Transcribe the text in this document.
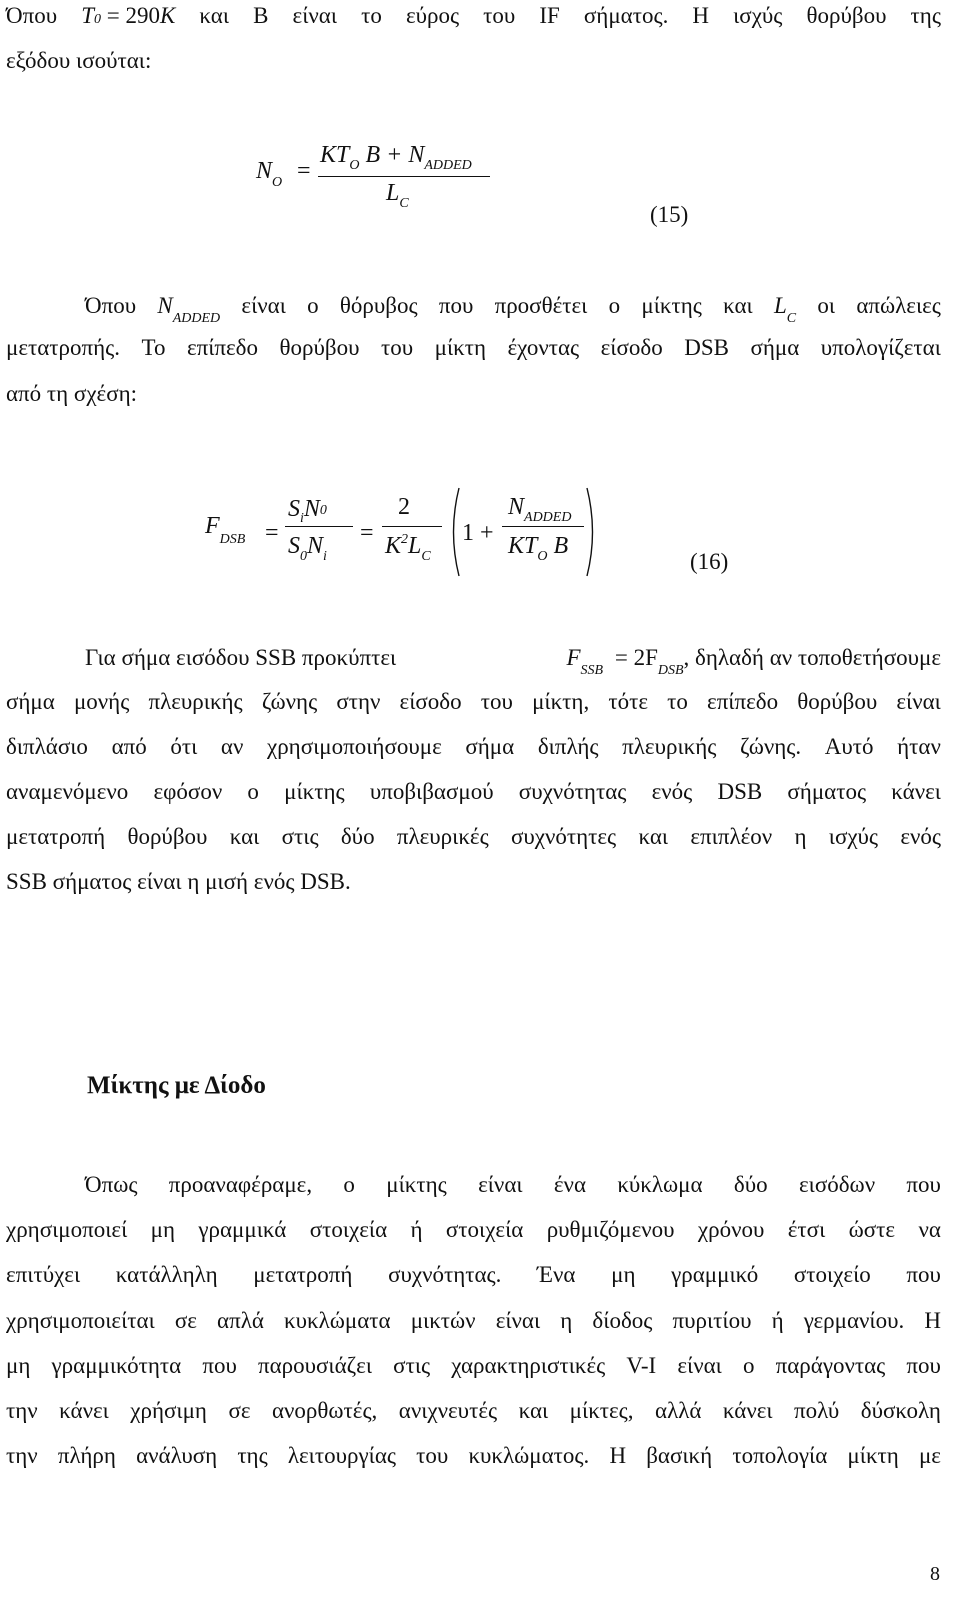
Όπου T0 = 290K και B είναι το εύρος του IF σήματος. Η ισχύς θορύβου της
εξόδου ισούται:
$N_O$ =
$KT_O$ $B + N_{ADDED}$
$L_C$	(15)
Όπου $N_{ADDED}$
είναι ο θόρυβος που προσθέτει ο μίκτης και $L_C$
οι απώλειες
μετατροπής. Το επίπεδο θορύβου του μίκτη έχοντας είσοδο DSB σήμα υπολογίζεται
από τη σχέση:
$F_{DSB}$ =
$S_iN0$
$S_0N_i$
=
2
$K^2L_C$
1 +
$N_{ADDED}$
$KT_O$ B
(16)
Για σήμα εισόδου SSB προκύπτει	$F_{SSB} = 2F_{DSB}$, δηλαδή αν τοποθετήσουμε
σήμα μονής πλευρικής ζώνης στην είσοδο του μίκτη, τότε το επίπεδο θορύβου είναι
διπλάσιο από ότι αν χρησιμοποιήσουμε σήμα διπλής πλευρικής ζώνης. Αυτό ήταν
αναμενόμενο εφόσον ο μίκτης υποβιβασμού συχνότητας ενός DSB σήματος κάνει
μετατροπή θορύβου και στις δύο πλευρικές συχνότητες και επιπλέον η ισχύς ενός
SSB σήματος είναι η μισή ενός DSB.
Μίκτης με Δίοδο
Όπως προαναφέραμε, ο μίκτης είναι ένα κύκλωμα δύο εισόδων που
χρησιμοποιεί μη γραμμικά στοιχεία ή στοιχεία ρυθμιζόμενου χρόνου έτσι ώστε να
επιτύχει κατάλληλη μετατροπή συχνότητας. Ένα μη γραμμικό στοιχείο που
χρησιμοποιείται σε απλά κυκλώματα μικτών είναι η δίοδος πυριτίου ή γερμανίου. Η
μη γραμμικότητα που παρουσιάζει στις χαρακτηριστικές V-I είναι ο παράγοντας που
την κάνει χρήσιμη σε ανορθωτές, ανιχνευτές και μίκτες, αλλά κάνει πολύ δύσκολη
την πλήρη ανάλυση της λειτουργίας του κυκλώματος. Η βασική τοπολογία μίκτη με
8
